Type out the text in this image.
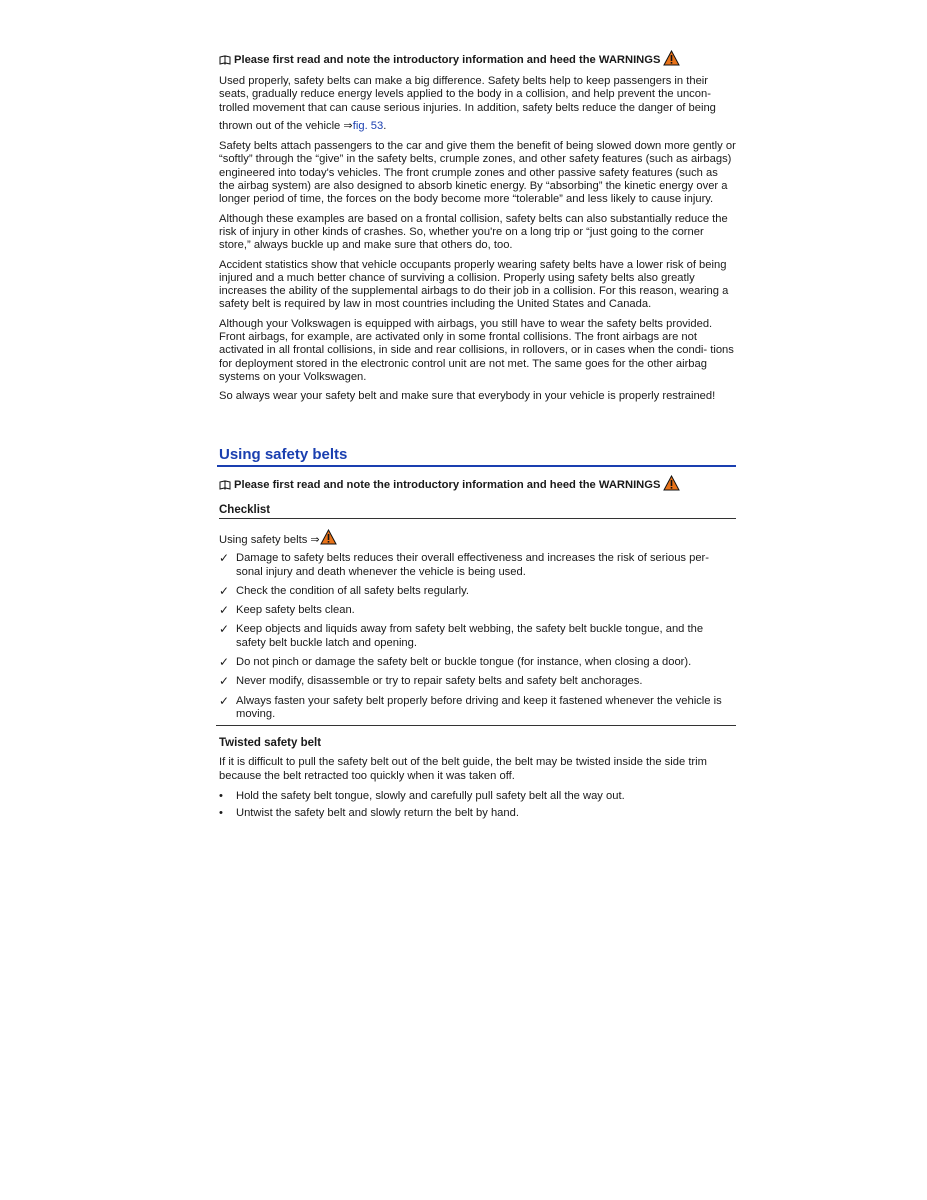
Please first read and note the introductory information and heed the WARNINGS

Used properly, safety belts can make a big difference. Safety belts help to keep passengers in their seats, gradually reduce energy levels applied to the body in a collision, and help prevent the uncon- trolled movement that can cause serious injuries. In addition, safety belts reduce the danger of being

thrown out of the vehicle ⇒fig. 53.

Safety belts attach passengers to the car and give them the benefit of being slowed down more gently or “softly” through the “give” in the safety belts, crumple zones, and other safety features (such as airbags) engineered into today's vehicles. The front crumple zones and other passive safety features (such as the airbag system) are also designed to absorb kinetic energy. By “absorbing” the kinetic energy over a longer period of time, the forces on the body become more “tolerable” and less likely to cause injury.

Although these examples are based on a frontal collision, safety belts can also substantially reduce the risk of injury in other kinds of crashes. So, whether you're on a long trip or “just going to the corner store,” always buckle up and make sure that others do, too.

Accident statistics show that vehicle occupants properly wearing safety belts have a lower risk of being injured and a much better chance of surviving a collision. Properly using safety belts also greatly increases the ability of the supplemental airbags to do their job in a collision. For this reason, wearing a safety belt is required by law in most countries including the United States and Canada.

Although your Volkswagen is equipped with airbags, you still have to wear the safety belts provided. Front airbags, for example, are activated only in some frontal collisions. The front airbags are not activated in all frontal collisions, in side and rear collisions, in rollovers, or in cases when the condi- tions for deployment stored in the electronic control unit are not met. The same goes for the other airbag systems on your Volkswagen.

So always wear your safety belt and make sure that everybody in your vehicle is properly restrained!

Using safety belts
Please first read and note the introductory information and heed the WARNINGS
Checklist

Using safety belts ⇒

✓ Damage to safety belts reduces their overall effectiveness and increases the risk of serious per- sonal injury and death whenever the vehicle is being used.
✓ Check the condition of all safety belts regularly.
✓ Keep safety belts clean.
✓ Keep objects and liquids away from safety belt webbing, the safety belt buckle tongue, and the safety belt buckle latch and opening.
✓ Do not pinch or damage the safety belt or buckle tongue (for instance, when closing a door).
✓ Never modify, disassemble or try to repair safety belts and safety belt anchorages.
✓ Always fasten your safety belt properly before driving and keep it fastened whenever the vehicle is moving.
Twisted safety belt

If it is difficult to pull the safety belt out of the belt guide, the belt may be twisted inside the side trim because the belt retracted too quickly when it was taken off.

•	Hold the safety belt tongue, slowly and carefully pull safety belt all the way out.
•	Untwist the safety belt and slowly return the belt by hand.
